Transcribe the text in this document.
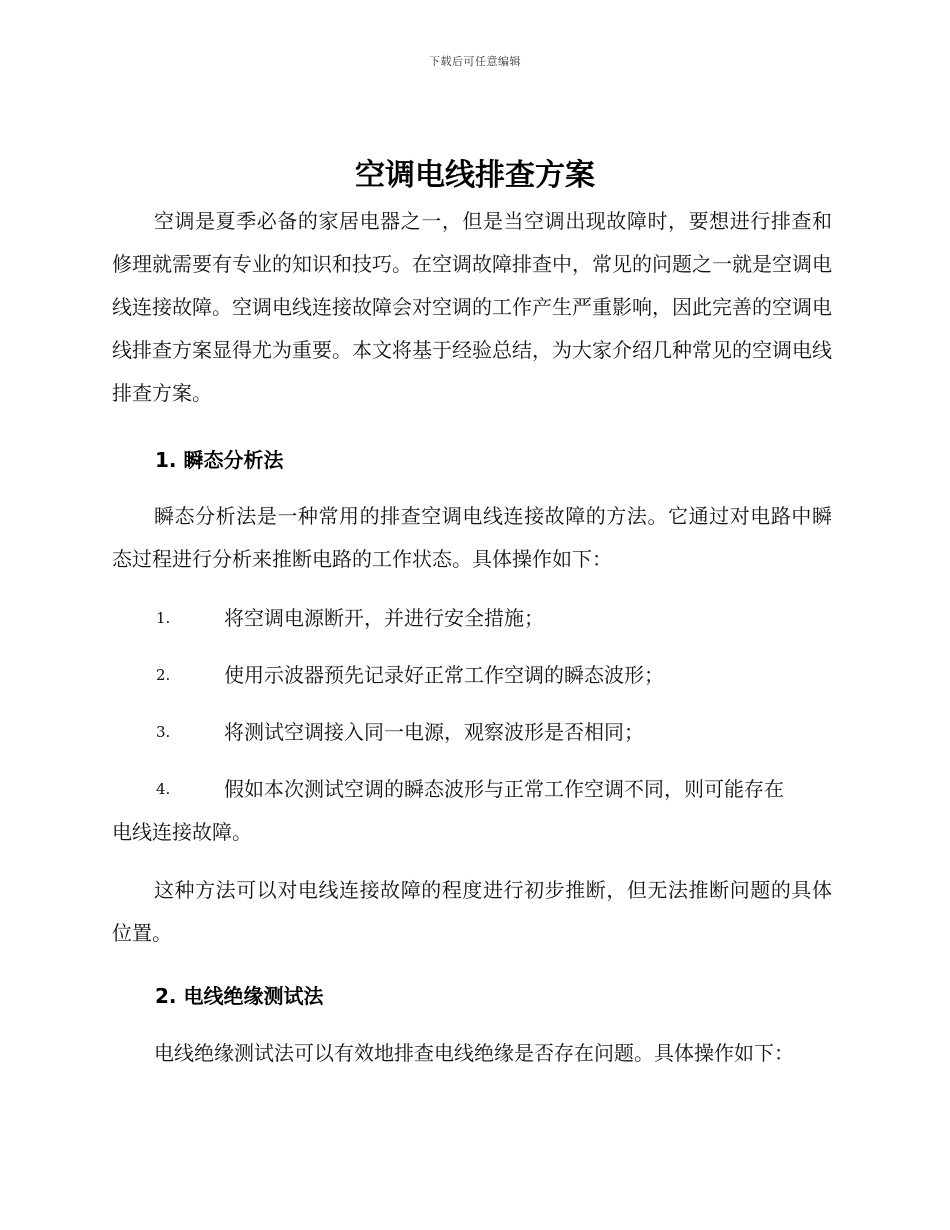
下载后可任意编辑
空调电线排查方案
空调是夏季必备的家居电器之一，但是当空调出现故障时，要想进行排查和修理就需要有专业的知识和技巧。在空调故障排查中，常见的问题之一就是空调电线连接故障。空调电线连接故障会对空调的工作产生严重影响，因此完善的空调电线排查方案显得尤为重要。本文将基于经验总结，为大家介绍几种常见的空调电线排查方案。
1. 瞬态分析法
瞬态分析法是一种常用的排查空调电线连接故障的方法。它通过对电路中瞬态过程进行分析来推断电路的工作状态。具体操作如下：
1.	将空调电源断开，并进行安全措施；
2.	使用示波器预先记录好正常工作空调的瞬态波形；
3.	将测试空调接入同一电源，观察波形是否相同；
4.	假如本次测试空调的瞬态波形与正常工作空调不同，则可能存在
电线连接故障。
这种方法可以对电线连接故障的程度进行初步推断，但无法推断问题的具体位置。
2. 电线绝缘测试法
电线绝缘测试法可以有效地排查电线绝缘是否存在问题。具体操作如下：
